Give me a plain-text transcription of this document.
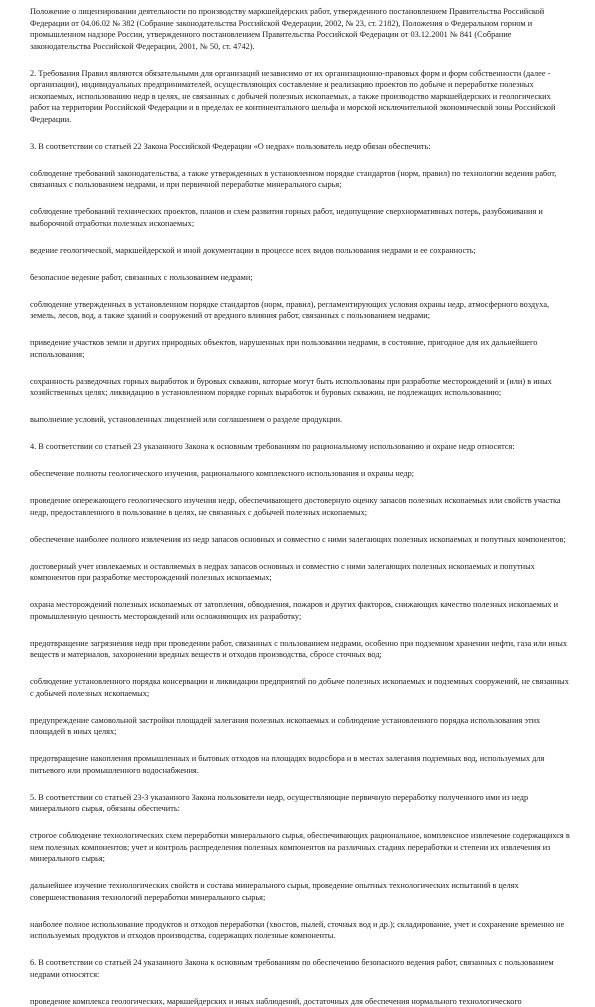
Положение о лицензировании деятельности по производству маркшейдерских работ, утвержденного постановлением Правительства Российской Федерации от 04.06.02 № 382 (Собрание законодательства Российской Федерации, 2002, № 23, ст. 2182), Положения о Федеральном горном и промышленном надзоре России, утвержденного постановлением Правительства Российской Федерации от 03.12.2001 № 841 (Собрание законодательства Российской Федерации, 2001, № 50, ст. 4742).

2. Требования Правил являются обязательными для организаций независимо от их организационно-правовых форм и форм собственности (далее - организации), индивидуальных предпринимателей, осуществляющих составление и реализацию проектов по добыче и переработке полезных ископаемых, использованию недр в целях, не связанных с добычей полезных ископаемых, а также производство маркшейдерских и геологических работ на территории Российской Федерации и в пределах ее континентального шельфа и морской исключительной экономической зоны Российской Федерации.

3. В соответствии со статьей 22 Закона Российской Федерации «О недрах» пользователь недр обязан обеспечить:

соблюдение требований законодательства, а также утвержденных в установленном порядке стандартов (норм, правил) по технологии ведения работ, связанных с пользованием недрами, и при первичной переработке минерального сырья;

соблюдение требований технических проектов, планов и схем развития горных работ, недопущение сверхнормативных потерь, разубоживания и выборочной отработки полезных ископаемых;

ведение геологической, маркшейдерской и иной документации в процессе всех видов пользования недрами и ее сохранность;

безопасное ведение работ, связанных с пользованием недрами;

соблюдение утвержденных в установленном порядке стандартов (норм, правил), регламентирующих условия охраны недр, атмосферного воздуха, земель, лесов, вод, а также зданий и сооружений от вредного влияния работ, связанных с пользованием недрами;

приведение участков земли и других природных объектов, нарушенных при пользовании недрами, в состояние, пригодное для их дальнейшего использования;

сохранность разведочных горных выработок и буровых скважин, которые могут быть использованы при разработке месторождений и (или) в иных хозяйственных целях; ликвидацию в установленном порядке горных выработок и буровых скважин, не подлежащих использованию;

выполнение условий, установленных лицензией или соглашением о разделе продукции.

4. В соответствии со статьей 23 указанного Закона к основным требованиям по рациональному использованию и охране недр относятся:

обеспечение полноты геологического изучения, рационального комплексного использования и охраны недр;

проведение опережающего геологического изучения недр, обеспечивающего достоверную оценку запасов полезных ископаемых или свойств участка недр, предоставленного в пользование в целях, не связанных с добычей полезных ископаемых;

обеспечение наиболее полного извлечения из недр запасов основных и совместно с ними залегающих полезных ископаемых и попутных компонентов;

достоверный учет извлекаемых и оставляемых в недрах запасов основных и совместно с ними залегающих полезных ископаемых и попутных компонентов при разработке месторождений полезных ископаемых;

охрана месторождений полезных ископаемых от затопления, обводнения, пожаров и других факторов, снижающих качество полезных ископаемых и промышленную ценность месторождений или осложняющих их разработку;

предотвращение загрязнения недр при проведении работ, связанных с пользованием недрами, особенно при подземном хранении нефти, газа или иных веществ и материалов, захоронении вредных веществ и отходов производства, сбросе сточных вод;

соблюдение установленного порядка консервации и ликвидации предприятий по добыче полезных ископаемых и подземных сооружений, не связанных с добычей полезных ископаемых;

предупреждение самовольной застройки площадей залегания полезных ископаемых и соблюдение установленного порядка использования этих площадей в иных целях;

предотвращение накопления промышленных и бытовых отходов на площадях водосбора и в местах залегания подземных вод, используемых для питьевого или промышленного водоснабжения.

5. В соответствии со статьей 23-3 указанного Закона пользователи недр, осуществляющие первичную переработку полученного ими из недр минерального сырья, обязаны обеспечить:

строгое соблюдение технологических схем переработки минерального сырья, обеспечивающих рациональное, комплексное извлечение содержащихся в нем полезных компонентов; учет и контроль распределения полезных компонентов на различных стадиях переработки и степени их извлечения из минерального сырья;

дальнейшее изучение технологических свойств и состава минерального сырья, проведение опытных технологических испытаний в целях совершенствования технологий переработки минерального сырья;

наиболее полное использование продуктов и отходов переработки (хвостов, пылей, сточных вод и др.); складирование, учет и сохранение временно не используемых продуктов и отходов производства, содержащих полезные компоненты.

6. В соответствии со статьей 24 указанного Закона к основным требованиям по обеспечению безопасного ведения работ, связанных с пользованием недрами относятся:

проведение комплекса геологических, маркшейдерских и иных наблюдений, достаточных для обеспечения нормального технологического
